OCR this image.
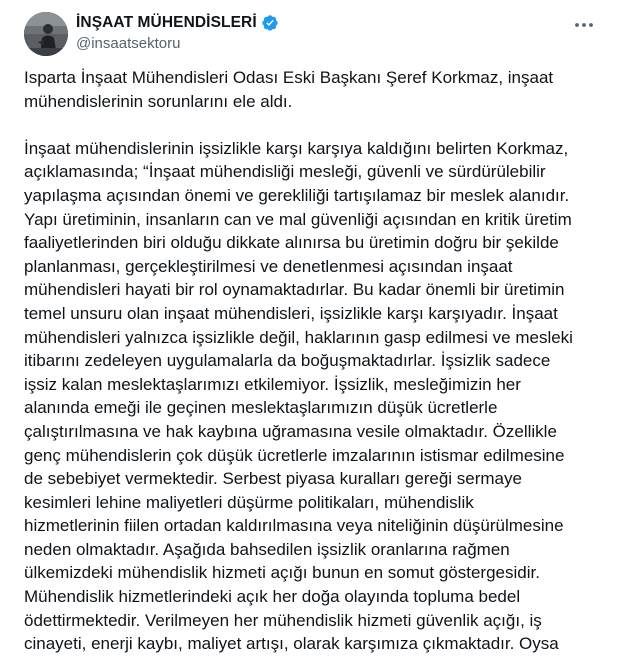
İNŞAAT MÜHENDİSLERİ
@insaatsektoru
Isparta İnşaat Mühendisleri Odası Eski Başkanı Şeref Korkmaz, inşaat
mühendislerinin sorunlarını ele aldı.
İnşaat mühendislerinin işsizlikle karşı karşıya kaldığını belirten Korkmaz,
açıklamasında; “İnşaat mühendisliği mesleği, güvenli ve sürdürülebilir
yapılaşma açısından önemi ve gerekliliği tartışılamaz bir meslek alanıdır.
Yapı üretiminin, insanların can ve mal güvenliği açısından en kritik üretim
faaliyetlerinden biri olduğu dikkate alınırsa bu üretimin doğru bir şekilde
planlanması, gerçekleştirilmesi ve denetlenmesi açısından inşaat
mühendisleri hayati bir rol oynamaktadırlar. Bu kadar önemli bir üretimin
temel unsuru olan inşaat mühendisleri, işsizlikle karşı karşıyadır. İnşaat
mühendisleri yalnızca işsizlikle değil, haklarının gasp edilmesi ve mesleki
itibarını zedeleyen uygulamalarla da boğuşmaktadırlar. İşsizlik sadece
işsiz kalan meslektaşlarımızı etkilemiyor. İşsizlik, mesleğimizin her
alanında emeği ile geçinen meslektaşlarımızın düşük ücretlerle
çalıştırılmasına ve hak kaybına uğramasına vesile olmaktadır. Özellikle
genç mühendislerin çok düşük ücretlerle imzalarının istismar edilmesine
de sebebiyet vermektedir. Serbest piyasa kuralları gereği sermaye
kesimleri lehine maliyetleri düşürme politikaları, mühendislik
hizmetlerinin fiilen ortadan kaldırılmasına veya niteliğinin düşürülmesine
neden olmaktadır. Aşağıda bahsedilen işsizlik oranlarına rağmen
ülkemizdeki mühendislik hizmeti açığı bunun en somut göstergesidir.
Mühendislik hizmetlerindeki açık her doğa olayında topluma bedel
ödettirmektedir. Verilmeyen her mühendislik hizmeti güvenlik açığı, iş
cinayeti, enerji kaybı, maliyet artışı, olarak karşımıza çıkmaktadır. Oysa
